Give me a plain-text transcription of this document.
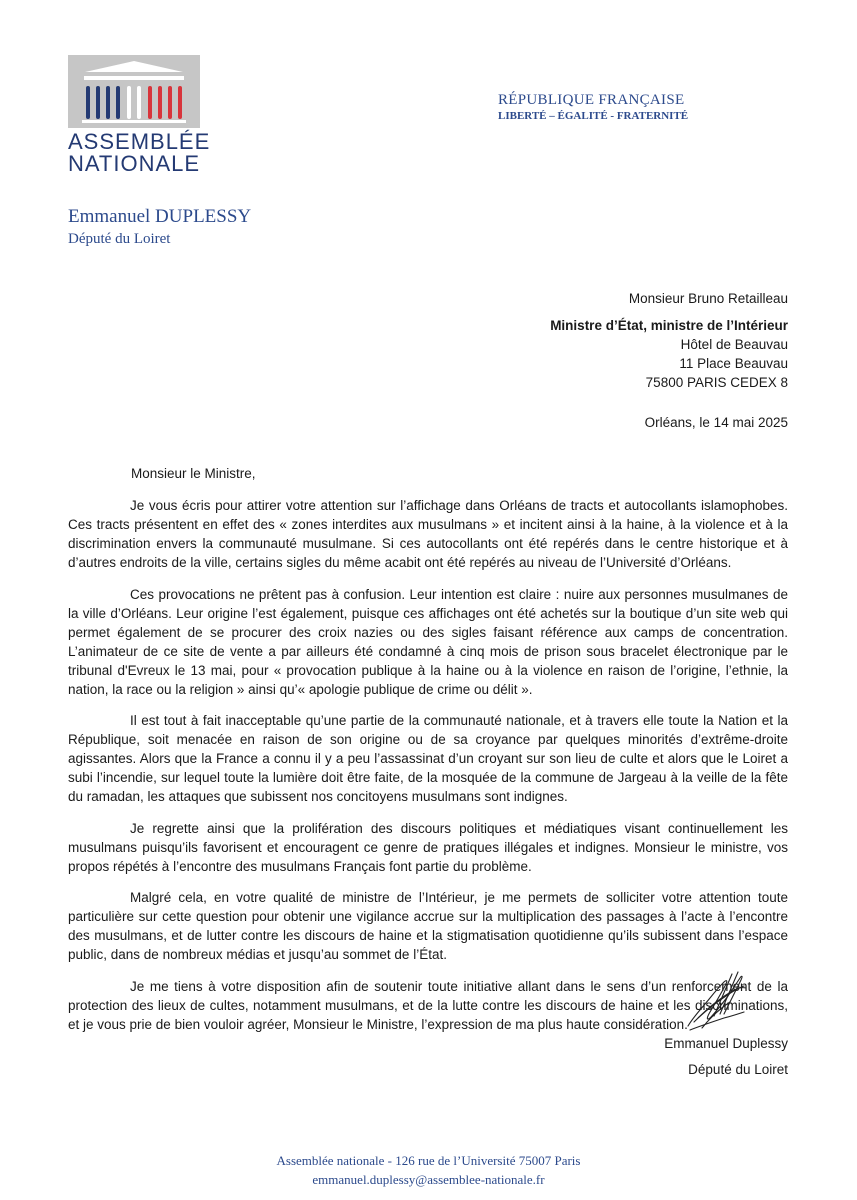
ASSEMBLÉE
NATIONALE
RÉPUBLIQUE FRANÇAISE
LIBERTÉ – ÉGALITÉ - FRATERNITÉ
Emmanuel DUPLESSY
Député du Loiret
Monsieur Bruno Retailleau
Ministre d’État, ministre de l’Intérieur
Hôtel de Beauvau
11 Place Beauvau
75800 PARIS CEDEX 8
Orléans, le 14 mai 2025
Monsieur le Ministre,

Je vous écris pour attirer votre attention sur l’affichage dans Orléans de tracts et autocollants islamophobes. Ces tracts présentent en effet des « zones interdites aux musulmans » et incitent ainsi à la haine, à la violence et à la discrimination envers la communauté musulmane. Si ces autocollants ont été repérés dans le centre historique et à d’autres endroits de la ville, certains sigles du même acabit ont été repérés au niveau de l’Université d’Orléans.

Ces provocations ne prêtent pas à confusion. Leur intention est claire : nuire aux personnes musulmanes de la ville d’Orléans. Leur origine l’est également, puisque ces affichages ont été achetés sur la boutique d’un site web qui permet également de se procurer des croix nazies ou des sigles faisant référence aux camps de concentration. L’animateur de ce site de vente a par ailleurs été condamné à cinq mois de prison sous bracelet électronique par le tribunal d'Evreux le 13 mai, pour « provocation publique à la haine ou à la violence en raison de l’origine, l’ethnie, la nation, la race ou la religion » ainsi qu’« apologie publique de crime ou délit ».

Il est tout à fait inacceptable qu’une partie de la communauté nationale, et à travers elle toute la Nation et la République, soit menacée en raison de son origine ou de sa croyance par quelques minorités d’extrême-droite agissantes. Alors que la France a connu il y a peu l’assassinat d’un croyant sur son lieu de culte et alors que le Loiret a subi l’incendie, sur lequel toute la lumière doit être faite, de la mosquée de la commune de Jargeau à la veille de la fête du ramadan, les attaques que subissent nos concitoyens musulmans sont indignes.

Je regrette ainsi que la prolifération des discours politiques et médiatiques visant continuellement les musulmans puisqu’ils favorisent et encouragent ce genre de pratiques illégales et indignes. Monsieur le ministre, vos propos répétés à l’encontre des musulmans Français font partie du problème.

Malgré cela, en votre qualité de ministre de l’Intérieur, je me permets de solliciter votre attention toute particulière sur cette question pour obtenir une vigilance accrue sur la multiplication des passages à l’acte à l’encontre des musulmans, et de lutter contre les discours de haine et la stigmatisation quotidienne qu’ils subissent dans l’espace public, dans de nombreux médias et jusqu’au sommet de l’État.

Je me tiens à votre disposition afin de soutenir toute initiative allant dans le sens d’un renforcement de la protection des lieux de cultes, notamment musulmans, et de la lutte contre les discours de haine et les discriminations, et je vous prie de bien vouloir agréer, Monsieur le Ministre, l’expression de ma plus haute considération.

Emmanuel Duplessy
Député du Loiret
Assemblée nationale - 126 rue de l’Université 75007 Paris
emmanuel.duplessy@assemblee-nationale.fr
